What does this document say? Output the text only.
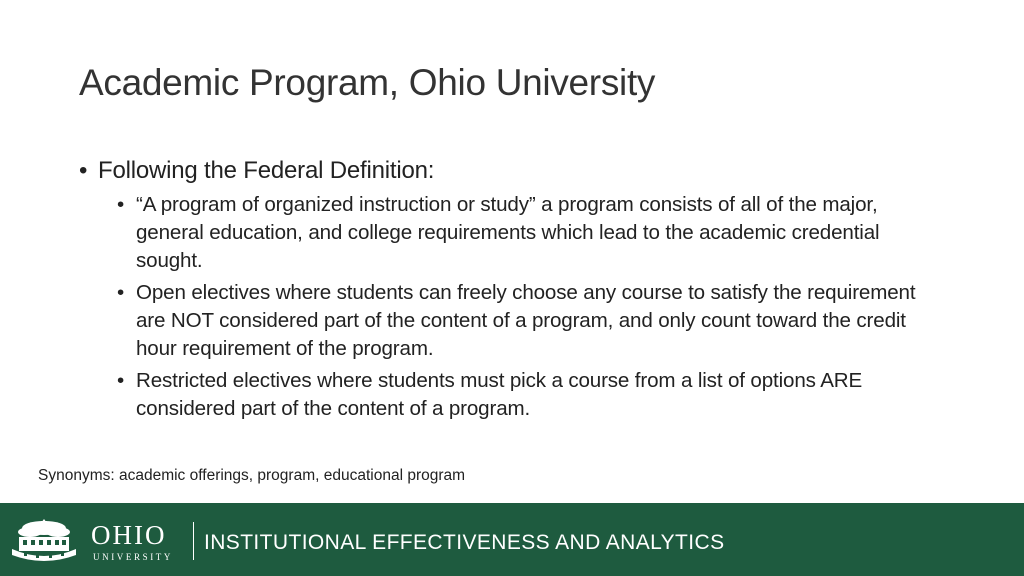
Academic Program, Ohio University
• Following the Federal Definition:
• “A program of organized instruction or study” a program consists of all of the major, general education, and college requirements which lead to the academic credential sought.
• Open electives where students can freely choose any course to satisfy the requirement are NOT considered part of the content of a program, and only count toward the credit hour requirement of the program.
• Restricted electives where students must pick a course from a list of options ARE considered part of the content of a program.
Synonyms: academic offerings, program, educational program
OHIO
UNIVERSITY
INSTITUTIONAL EFFECTIVENESS AND ANALYTICS
